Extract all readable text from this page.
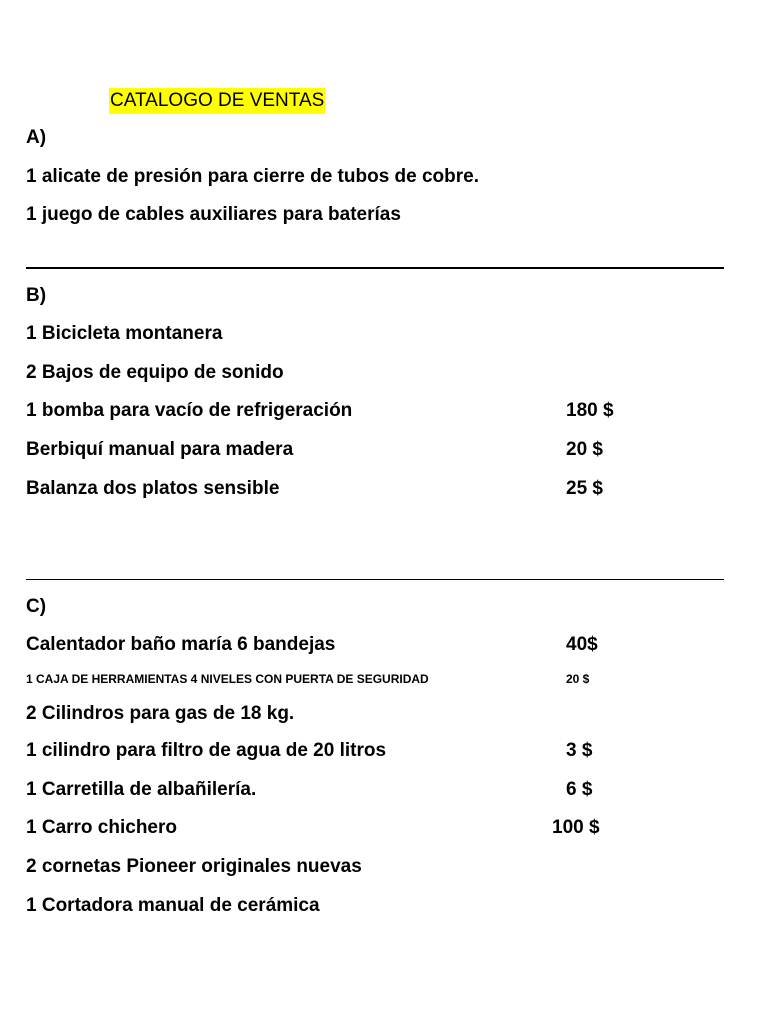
CATALOGO DE VENTAS
A)
1 alicate de presión para cierre de tubos de cobre.
1 juego de cables auxiliares para baterías
B)
1 Bicicleta montanera
2 Bajos de equipo de sonido
1 bomba para vacío de refrigeración	180 $
Berbiquí manual para madera	20 $
Balanza dos platos sensible	25 $
C)
Calentador baño maría 6 bandejas	40$
1 CAJA DE HERRAMIENTAS 4 NIVELES CON PUERTA DE SEGURIDAD	20 $
2 Cilindros para gas de 18 kg.
1 cilindro para filtro de agua de 20 litros	3 $
1 Carretilla de albañilería.	6 $
1 Carro chichero	100 $
2 cornetas Pioneer originales nuevas
1 Cortadora manual de cerámica
